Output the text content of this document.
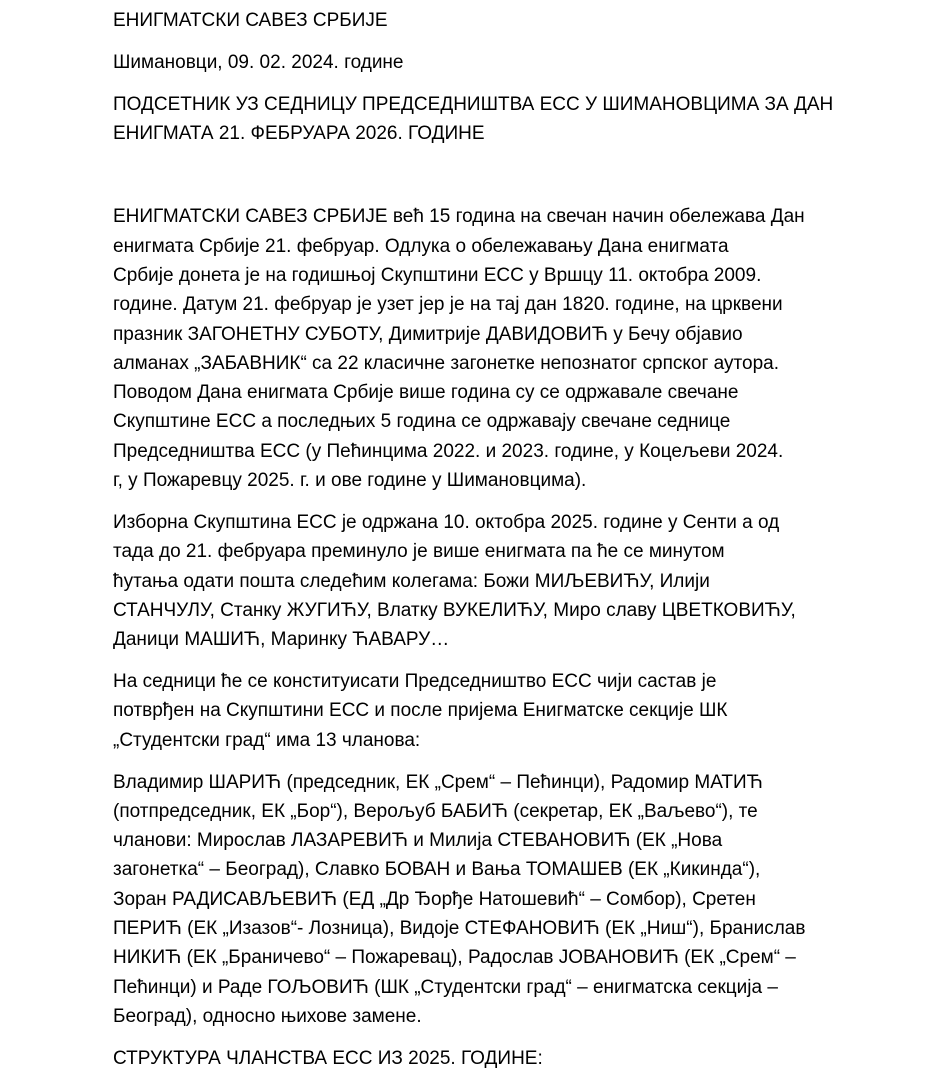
ЕНИГМАТСКИ САВЕЗ СРБИЈЕ
Шимановци, 09. 02. 2024. године
ПОДСЕТНИК УЗ СЕДНИЦУ ПРЕДСЕДНИШТВА ЕСС У ШИМАНОВЦИМА ЗА ДАН
ЕНИГМАТА 21. ФЕБРУАРА 2026. ГОДИНЕ
ЕНИГМАТСКИ САВЕЗ СРБИЈЕ већ 15 година на свечан начин обележава Дан
енигмата Србије 21. фебруар. Одлука о обележавању Дана енигмата
Србије донета је на годишњој Скупштини ЕСС у Вршцу 11. октобра 2009.
године. Датум 21. фебруар је узет јер је на тај дан 1820. године, на црквени
празник ЗАГОНЕТНУ СУБОТУ, Димитрије ДАВИДОВИЋ у Бечу објавио
алманах „ЗАБАВНИК“ са 22 класичне загонетке непознатог српског аутора.
Поводом Дана енигмата Србије више година су се одржавале свечане
Скупштине ЕСС а последњих 5 година се одржавају свечане седнице
Председништва ЕСС (у Пећинцима 2022. и 2023. године, у Коцељеви 2024.
г, у Пожаревцу 2025. г. и ове године у Шимановцима).
Изборна Скупштина ЕСС је одржана 10. октобра 2025. године у Сенти а од
тада до 21. фебруара преминуло је више енигмата па ће се минутом
ћутања одати пошта следећим колегама: Божи МИЉЕВИЋУ, Илији
СТАНЧУЛУ, Станку ЖУГИЋУ, Влатку ВУКЕЛИЋУ, Миро славу ЦВЕТКОВИЋУ,
Даници МАШИЋ, Маринку ЋАВАРУ…
На седници ће се конституисати Председништво ЕСС чији састав је
потврђен на Скупштини ЕСС и после пријема Енигматске секције ШК
„Студентски град“ има 13 чланова:
Владимир ШАРИЋ (председник, ЕК „Срем“ – Пећинци), Радомир МАТИЋ
(потпредседник, ЕК „Бор“), Верољуб БАБИЋ (секретар, ЕК „Ваљево“), те
чланови: Мирослав ЛАЗАРЕВИЋ и Милија СТЕВАНОВИЋ (ЕК „Нова
загонетка“ – Београд), Славко БОВАН и Вања ТОМАШЕВ (ЕК „Кикинда“),
Зоран РАДИСАВЉЕВИЋ (ЕД „Др Ђорђе Натошевић“ – Сомбор), Сретен
ПЕРИЋ (ЕК „Изазов“- Лозница), Видоје СТЕФАНОВИЋ (ЕК „Ниш“), Бранислав
НИКИЋ (ЕК „Браничево“ – Пожаревац), Радослав ЈОВАНОВИЋ (ЕК „Срем“ –
Пећинци) и Раде ГОЉОВИЋ (ШК „Студентски град“ – енигматска секција –
Београд), односно њихове замене.
СТРУКТУРА ЧЛАНСТВА ЕСС ИЗ 2025. ГОДИНЕ:
